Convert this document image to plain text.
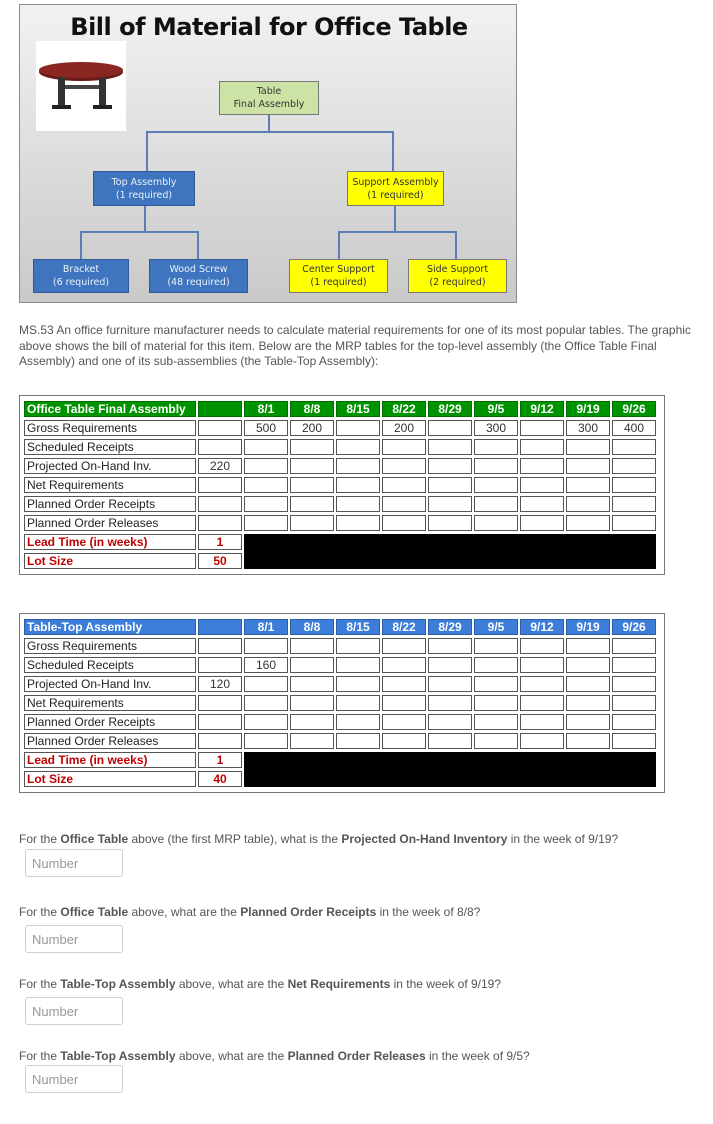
Bill of Material for Office Table
Table
Final Assembly
Top Assembly
(1 required)
Support Assembly
(1 required)
Bracket
(6 required)
Wood Screw
(48 required)
Center Support
(1 required)
Side Support
(2 required)
MS.53 An office furniture manufacturer needs to calculate material requirements for one of its most popular tables. The graphic above shows the bill of material for this item. Below are the MRP tables for the top-level assembly (the Office Table Final Assembly) and one of its sub-assemblies (the Table-Top Assembly):
Office Table Final Assembly		8/1	8/8	8/15	8/22	8/29	9/5	9/12	9/19	9/26
Gross Requirements		500	200		200		300		300	400
Scheduled Receipts										
Projected On-Hand Inv.	220									
Net Requirements										
Planned Order Receipts										
Planned Order Releases										
Lead Time (in weeks)	1									
Lot Size	50									
Table-Top Assembly		8/1	8/8	8/15	8/22	8/29	9/5	9/12	9/19	9/26
Gross Requirements										
Scheduled Receipts		160								
Projected On-Hand Inv.	120									
Net Requirements										
Planned Order Receipts										
Planned Order Releases										
Lead Time (in weeks)	1									
Lot Size	40									
For the Office Table above (the first MRP table), what is the Projected On-Hand Inventory in the week of 9/19?
Number
For the Office Table above, what are the Planned Order Receipts in the week of 8/8?
Number
For the Table-Top Assembly above, what are the Net Requirements in the week of 9/19?
Number
For the Table-Top Assembly above, what are the Planned Order Releases in the week of 9/5?
Number
